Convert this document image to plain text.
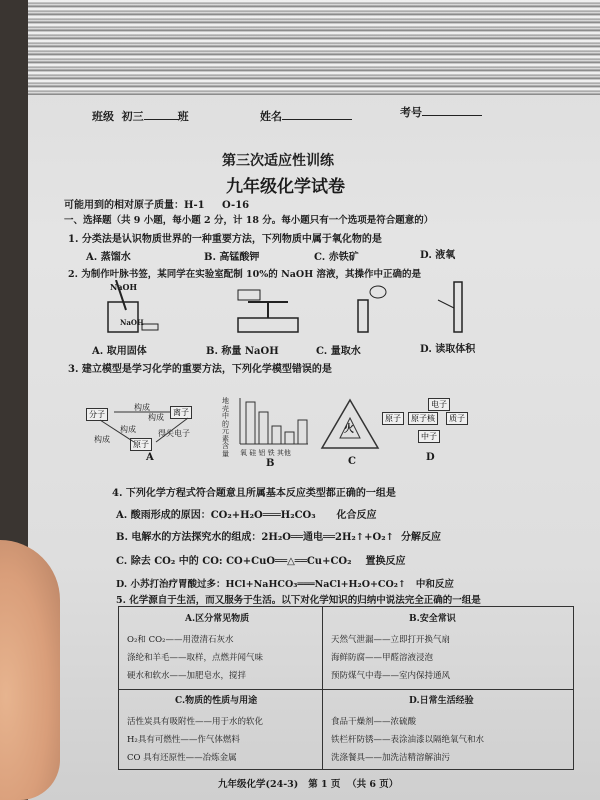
班级 初三	班	姓名	考号
第三次适应性训练
九年级化学试卷
可能用到的相对原子质量：H-1 O-16
一、选择题（共 9 小题，每小题 2 分，计 18 分。每小题只有一个选项是符合题意的）
1. 分类法是认识物质世界的一种重要方法，下列物质中属于氧化物的是
A. 蒸馏水	B. 高锰酸钾	C. 赤铁矿	D. 液氧
2. 为制作叶脉书签，某同学在实验室配制 10%的 NaOH 溶液，其操作中正确的是
NaOH
NaOH
A. 取用固体	B. 称量 NaOH	C. 量取水	D. 读取体积
3. 建立模型是学习化学的重要方法，下列化学模型错误的是
分子
构成
构成
离子
构成
构成
原子
得失电子
A
地壳中的元素含量	氧 硅 铝 铁 其他
B
火
C
电子
原子核	质子
原子
中子
D
4. 下列化学方程式符合题意且所属基本反应类型都正确的一组是
A. 酸雨形成的原因：CO₂+H₂O═══H₂CO₃ 化合反应
B. 电解水的方法探究水的组成：2H₂O══通电══2H₂↑+O₂↑ 分解反应
C. 除去 CO₂ 中的 CO: CO+CuO══△══Cu+CO₂ 置换反应
D. 小苏打治疗胃酸过多：HCl+NaHCO₃═══NaCl+H₂O+CO₂↑ 中和反应
5. 化学源自于生活，而又服务于生活。以下对化学知识的归纳中说法完全正确的一组是
A.区分常见物质
O₂和 CO₂——用澄清石灰水
涤纶和羊毛——取样，点燃并闻气味
硬水和软水——加肥皂水，搅拌
B.安全常识
天然气泄漏——立即打开换气扇
海鲜防腐——甲醛溶液浸泡
预防煤气中毒——室内保持通风
C.物质的性质与用途
活性炭具有吸附性——用于水的软化
H₂具有可燃性——作气体燃料
CO 具有还原性——冶炼金属
D.日常生活经验
食品干燥剂——浓硫酸
铁栏杆防锈——表涂油漆以隔绝氧气和水
洗涤餐具——加洗洁精溶解油污
九年级化学(24-3) 第 1 页 （共 6 页）
